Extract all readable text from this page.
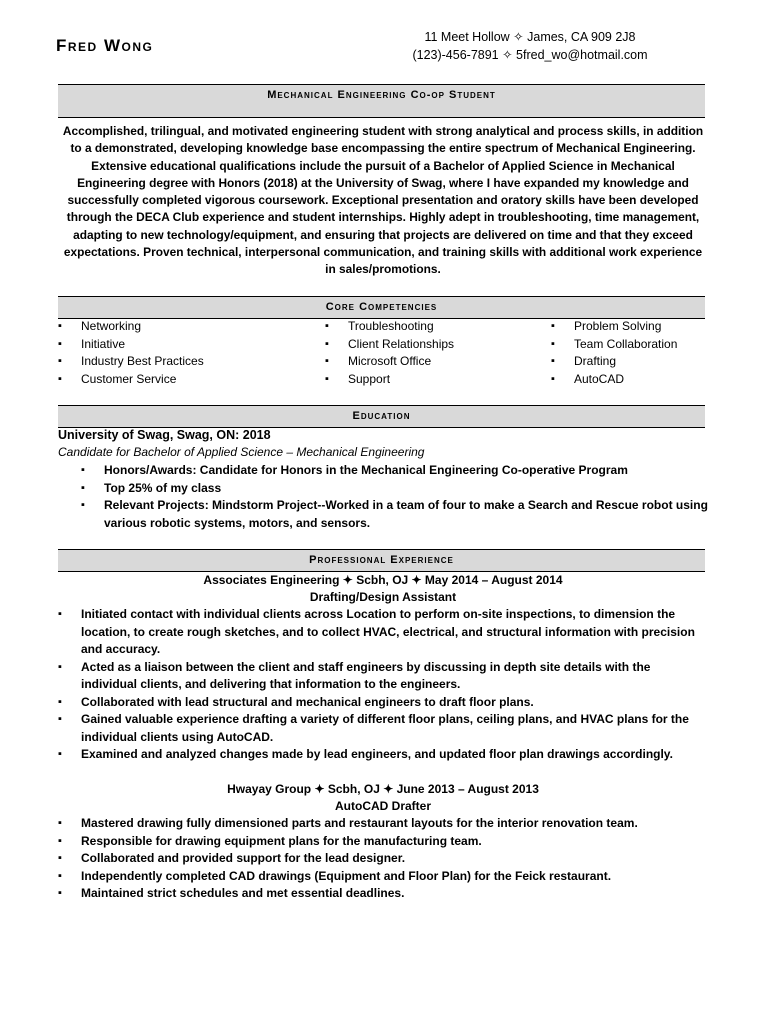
Fred Wong	11 Meet Hollow ✧ James, CA 909 2J8
(123)-456-7891 ✧ 5fred_wo@hotmail.com
Mechanical Engineering Co-op Student
Accomplished, trilingual, and motivated engineering student with strong analytical and process skills, in addition to a demonstrated, developing knowledge base encompassing the entire spectrum of Mechanical Engineering. Extensive educational qualifications include the pursuit of a Bachelor of Applied Science in Mechanical Engineering degree with Honors (2018) at the University of Swag, where I have expanded my knowledge and successfully completed vigorous coursework. Exceptional presentation and oratory skills have been developed through the DECA Club experience and student internships. Highly adept in troubleshooting, time management, adapting to new technology/equipment, and ensuring that projects are delivered on time and that they exceed expectations. Proven technical, interpersonal communication, and training skills with additional work experience in sales/promotions.
Core Competencies
▪ Networking
▪ Initiative
▪ Industry Best Practices
▪ Customer Service
▪ Troubleshooting
▪ Client Relationships
▪ Microsoft Office
▪ Support
▪ Problem Solving
▪ Team Collaboration
▪ Drafting
▪ AutoCAD
Education
University of Swag, Swag, ON: 2018
Candidate for Bachelor of Applied Science – Mechanical Engineering
▪ Honors/Awards: Candidate for Honors in the Mechanical Engineering Co-operative Program
▪ Top 25% of my class
▪ Relevant Projects: Mindstorm Project--Worked in a team of four to make a Search and Rescue robot using various robotic systems, motors, and sensors.
Professional Experience
Associates Engineering ✦ Scbh, OJ ✦ May 2014 – August 2014
Drafting/Design Assistant
▪ Initiated contact with individual clients across Location to perform on-site inspections, to dimension the location, to create rough sketches, and to collect HVAC, electrical, and structural information with precision and accuracy.
▪ Acted as a liaison between the client and staff engineers by discussing in depth site details with the individual clients, and delivering that information to the engineers.
▪ Collaborated with lead structural and mechanical engineers to draft floor plans.
▪ Gained valuable experience drafting a variety of different floor plans, ceiling plans, and HVAC plans for the individual clients using AutoCAD.
▪ Examined and analyzed changes made by lead engineers, and updated floor plan drawings accordingly.
Hwayay Group ✦ Scbh, OJ ✦ June 2013 – August 2013
AutoCAD Drafter
▪ Mastered drawing fully dimensioned parts and restaurant layouts for the interior renovation team.
▪ Responsible for drawing equipment plans for the manufacturing team.
▪ Collaborated and provided support for the lead designer.
▪ Independently completed CAD drawings (Equipment and Floor Plan) for the Feick restaurant.
▪ Maintained strict schedules and met essential deadlines.
